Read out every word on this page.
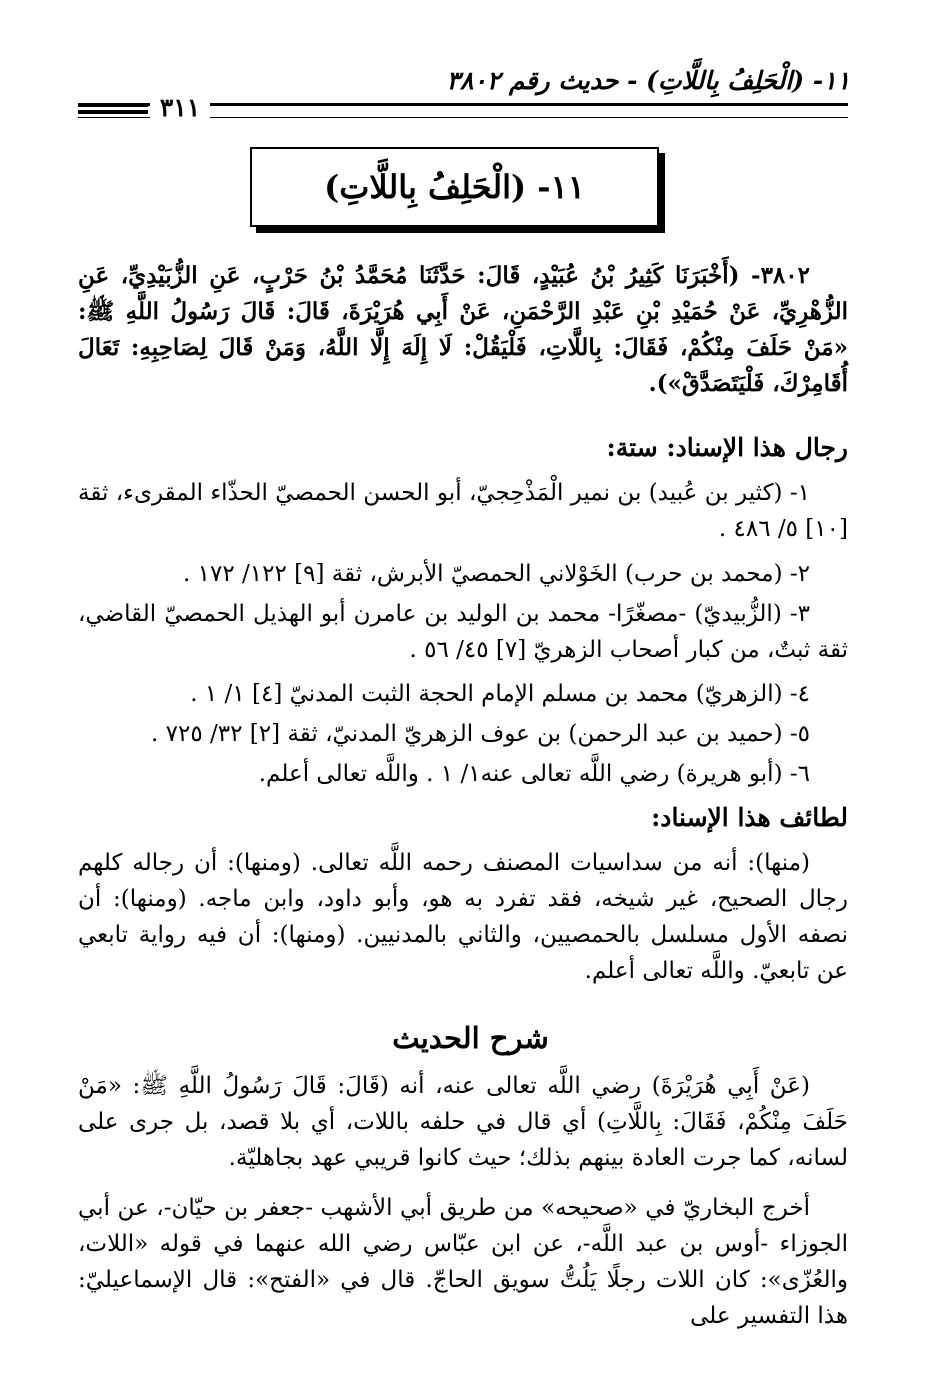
١١- (الْحَلِفُ بِاللَّاتِ) - حديث رقم ٣٨٠٢
٣١١
١١- (الْحَلِفُ بِاللَّاتِ)
٣٨٠٢- (أَخْبَرَنَا كَثِيرُ بْنُ عُبَيْدٍ، قَالَ: حَدَّثَنَا مُحَمَّدُ بْنُ حَرْبٍ، عَنِ الزُّبَيْدِيِّ، عَنِ الزُّهْرِيِّ، عَنْ حُمَيْدِ بْنِ عَبْدِ الرَّحْمَنِ، عَنْ أَبِي هُرَيْرَةَ، قَالَ: قَالَ رَسُولُ اللَّهِ ﷺ: «مَنْ حَلَفَ مِنْكُمْ، فَقَالَ: بِاللَّاتِ، فَلْيَقُلْ: لَا إِلَهَ إِلَّا اللَّهُ، وَمَنْ قَالَ لِصَاحِبِهِ: تَعَالَ أُقَامِرْكَ، فَلْيَتَصَدَّقْ»).
رجال هذا الإسناد: ستة:
١- (كثير بن عُبيد) بن نمير الْمَذْحِجيّ، أبو الحسن الحمصيّ الحذّاء المقرىء، ثقة [١٠] ٥/ ٤٨٦ .
٢- (محمد بن حرب) الخَوْلاني الحمصيّ الأبرش، ثقة [٩] ١٢٢/ ١٧٢ .
٣- (الزُّبيديّ) -مصغّرًا- محمد بن الوليد بن عامرن أبو الهذيل الحمصيّ القاضي، ثقة ثبتٌ، من كبار أصحاب الزهريّ [٧] ٤٥/ ٥٦ .
٤- (الزهريّ) محمد بن مسلم الإمام الحجة الثبت المدنيّ [٤] ١/ ١ .
٥- (حميد بن عبد الرحمن) بن عوف الزهريّ المدنيّ، ثقة [٢] ٣٢/ ٧٢٥ .
٦- (أبو هريرة) رضي اللَّه تعالى عنه١/ ١ . واللَّه تعالى أعلم.
لطائف هذا الإسناد:
(منها): أنه من سداسيات المصنف رحمه اللَّه تعالى. (ومنها): أن رجاله كلهم رجال الصحيح، غير شيخه، فقد تفرد به هو، وأبو داود، وابن ماجه. (ومنها): أن نصفه الأول مسلسل بالحمصيين، والثاني بالمدنيين. (ومنها): أن فيه رواية تابعي عن تابعيّ. واللَّه تعالى أعلم.
شرح الحديث
(عَنْ أَبِي هُرَيْرَةَ) رضي اللَّه تعالى عنه، أنه (قَالَ: قَالَ رَسُولُ اللَّهِ ﷺ: «مَنْ حَلَفَ مِنْكُمْ، فَقَالَ: بِاللَّاتِ) أي قال في حلفه باللات، أي بلا قصد، بل جرى على لسانه، كما جرت العادة بينهم بذلك؛ حيث كانوا قريبي عهد بجاهليّة.
أخرج البخاريّ في «صحيحه» من طريق أبي الأشهب -جعفر بن حيّان-، عن أبي الجوزاء -أوس بن عبد اللَّه-، عن ابن عبّاس رضي الله عنهما في قوله «اللات، والعُزّى»: كان اللات رجلًا يَلُتُّ سويق الحاجّ. قال في «الفتح»: قال الإسماعيليّ: هذا التفسير على
